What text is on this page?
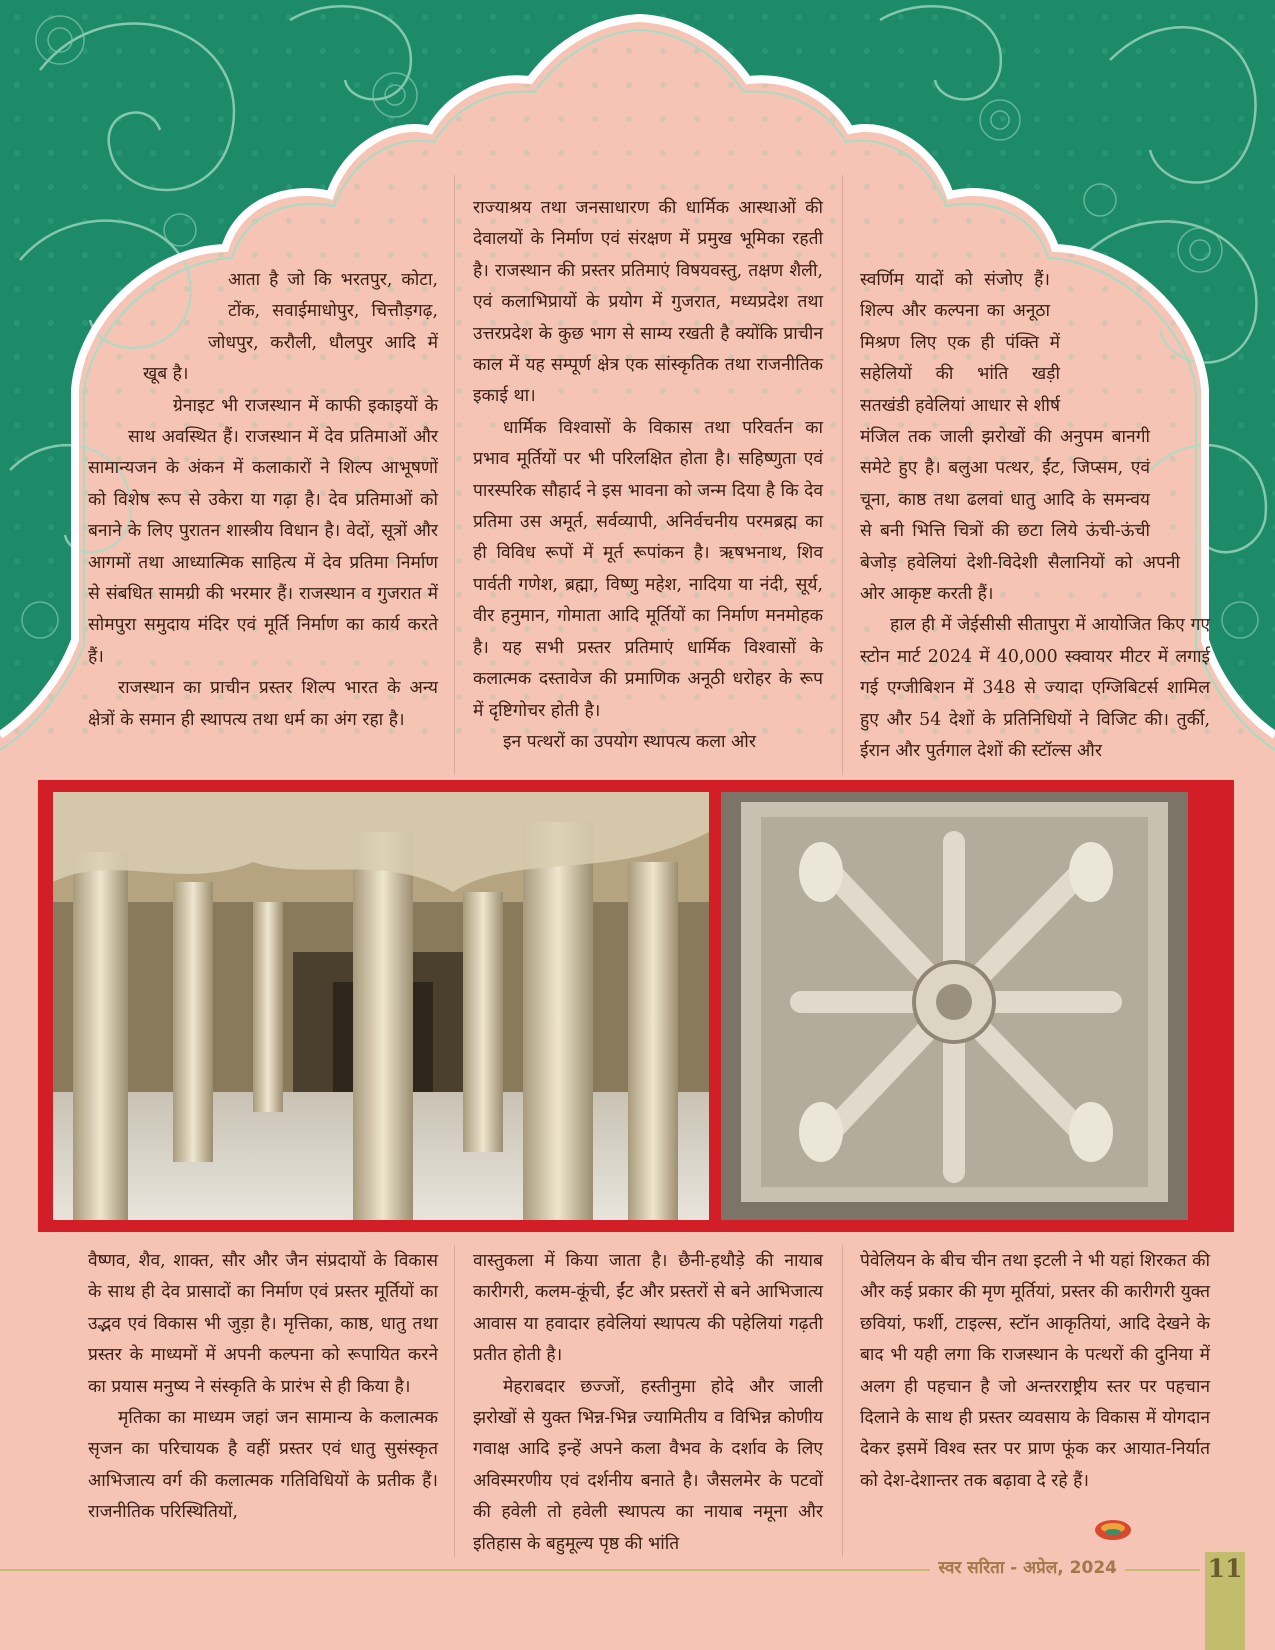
आता है जो कि भरतपुर, कोटा, टोंक, सवाईमाधोपुर, चित्तौड़गढ़, जोधपुर, करौली, धौलपुर आदि में खूब है।

ग्रेनाइट भी राजस्थान में काफी इकाइयों के साथ अवस्थित हैं। राजस्थान में देव प्रतिमाओं और सामान्यजन के अंकन में कलाकारों ने शिल्प आभूषणों को विशेष रूप से उकेरा या गढ़ा है। देव प्रतिमाओं को बनाने के लिए पुरातन शास्त्रीय विधान है। वेदों, सूत्रों और आगमों तथा आध्यात्मिक साहित्य में देव प्रतिमा निर्माण से संबधित सामग्री की भरमार हैं। राजस्थान व गुजरात में सोमपुरा समुदाय मंदिर एवं मूर्ति निर्माण का कार्य करते हैं।

राजस्थान का प्राचीन प्रस्तर शिल्प भारत के अन्य क्षेत्रों के समान ही स्थापत्य तथा धर्म का अंग रहा है।

राज्याश्रय तथा जनसाधारण की धार्मिक आस्थाओं की देवालयों के निर्माण एवं संरक्षण में प्रमुख भूमिका रहती है। राजस्थान की प्रस्तर प्रतिमाएं विषयवस्तु, तक्षण शैली, एवं कलाभिप्रायों के प्रयोग में गुजरात, मध्यप्रदेश तथा उत्तरप्रदेश के कुछ भाग से साम्य रखती है क्योंकि प्राचीन काल में यह सम्पूर्ण क्षेत्र एक सांस्कृतिक तथा राजनीतिक इकाई था।

धार्मिक विश्वासों के विकास तथा परिवर्तन का प्रभाव मूर्तियों पर भी परिलक्षित होता है। सहिष्णुता एवं पारस्परिक सौहार्द ने इस भावना को जन्म दिया है कि देव प्रतिमा उस अमूर्त, सर्वव्यापी, अनिर्वचनीय परमब्रह्म का ही विविध रूपों में मूर्त रूपांकन है। ऋषभनाथ, शिव पार्वती गणेश, ब्रह्मा, विष्णु महेश, नादिया या नंदी, सूर्य, वीर हनुमान, गोमाता आदि मूर्तियों का निर्माण मनमोहक है। यह सभी प्रस्तर प्रतिमाएं धार्मिक विश्वासों के कलात्मक दस्तावेज की प्रमाणिक अनूठी धरोहर के रूप में दृष्टिगोचर होती है।

इन पत्थरों का उपयोग स्थापत्य कला ओर

स्वर्णिम यादों को संजोए हैं। शिल्प और कल्पना का अनूठा मिश्रण लिए एक ही पंक्ति में सहेलियों की भांति खड़ी सतखंडी हवेलियां आधार से शीर्ष मंजिल तक जाली झरोखों की अनुपम बानगी समेटे हुए है। बलुआ पत्थर, ईंट, जिप्सम, एवं चूना, काष्ठ तथा ढलवां धातु आदि के समन्वय से बनी भित्ति चित्रों की छटा लिये ऊंची-ऊंची बेजोड़ हवेलियां देशी-विदेशी सैलानियों को अपनी ओर आकृष्ट करती हैं।

हाल ही में जेईसीसी सीतापुरा में आयोजित किए गए स्टोन मार्ट 2024 में 40,000 स्क्वायर मीटर में लगाई गई एग्जीबिशन में 348 से ज्यादा एग्जिबिटर्स शामिल हुए और 54 देशों के प्रतिनिधियों ने विजिट की। तुर्की, ईरान और पुर्तगाल देशों की स्टॉल्स और

वैष्णव, शैव, शाक्त, सौर और जैन संप्रदायों के विकास के साथ ही देव प्रासादों का निर्माण एवं प्रस्तर मूर्तियों का उद्भव एवं विकास भी जुड़ा है। मृत्तिका, काष्ठ, धातु तथा प्रस्तर के माध्यमों में अपनी कल्पना को रूपायित करने का प्रयास मनुष्य ने संस्कृति के प्रारंभ से ही किया है।

मृतिका का माध्यम जहां जन सामान्य के कलात्मक सृजन का परिचायक है वहीं प्रस्तर एवं धातु सुसंस्कृत आभिजात्य वर्ग की कलात्मक गतिविधियों के प्रतीक हैं। राजनीतिक परिस्थितियों,

वास्तुकला में किया जाता है। छैनी-हथौड़े की नायाब कारीगरी, कलम-कूंची, ईंट और प्रस्तरों से बने आभिजात्य आवास या हवादार हवेलियां स्थापत्य की पहेलियां गढ़ती प्रतीत होती है।

मेहराबदार छज्जों, हस्तीनुमा होदे और जाली झरोखों से युक्त भिन्न-भिन्न ज्यामितीय व विभिन्न कोणीय गवाक्ष आदि इन्हें अपने कला वैभव के दर्शाव के लिए अविस्मरणीय एवं दर्शनीय बनाते है। जैसलमेर के पटवों की हवेली तो हवेली स्थापत्य का नायाब नमूना और इतिहास के बहुमूल्य पृष्ठ की भांति

पेवेलियन के बीच चीन तथा इटली ने भी यहां शिरकत की और कई प्रकार की मृण मूर्तियां, प्रस्तर की कारीगरी युक्त छवियां, फर्शी, टाइल्स, स्टॉन आकृतियां, आदि देखने के बाद भी यही लगा कि राजस्थान के पत्थरों की दुनिया में अलग ही पहचान है जो अन्तरराष्ट्रीय स्तर पर पहचान दिलाने के साथ ही प्रस्तर व्यवसाय के विकास में योगदान देकर इसमें विश्व स्तर पर प्राण फूंक कर आयात-निर्यात को देश-देशान्तर तक बढ़ावा दे रहे हैं।

स्वर सरिता - अप्रेल, 2024	11
